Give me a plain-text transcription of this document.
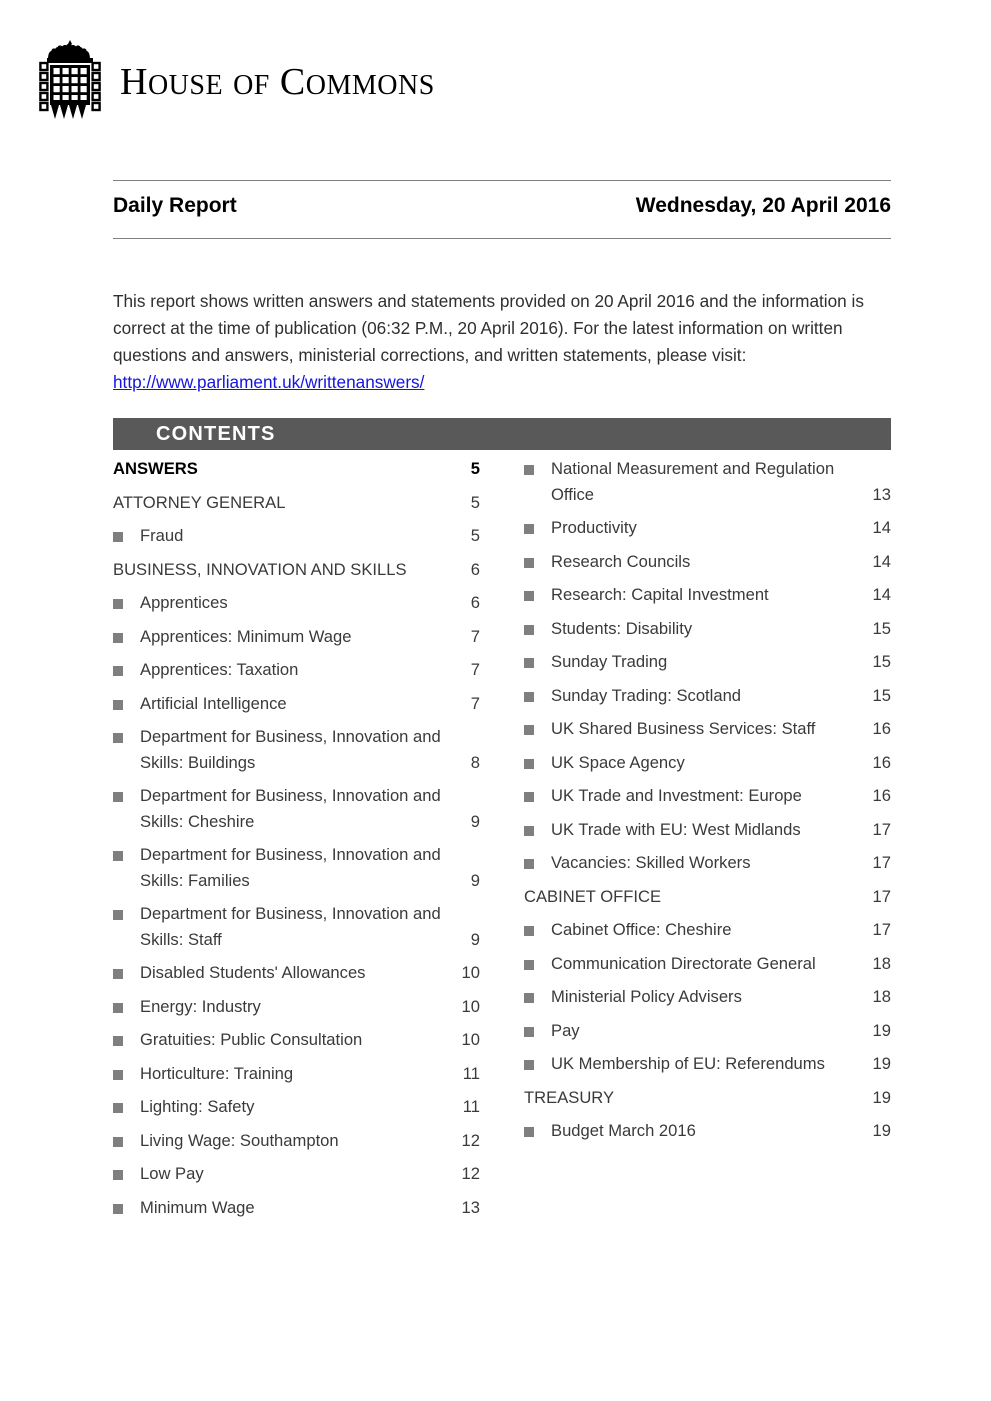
HOUSE OF COMMONS
Daily Report	Wednesday, 20 April 2016
This report shows written answers and statements provided on 20 April 2016 and the information is correct at the time of publication (06:32 P.M., 20 April 2016). For the latest information on written questions and answers, ministerial corrections, and written statements, please visit: http://www.parliament.uk/writtenanswers/
CONTENTS
ANSWERS	5
ATTORNEY GENERAL	5
Fraud	5
BUSINESS, INNOVATION AND SKILLS	6
Apprentices	6
Apprentices: Minimum Wage	7
Apprentices: Taxation	7
Artificial Intelligence	7
Department for Business, Innovation and Skills: Buildings	8
Department for Business, Innovation and Skills: Cheshire	9
Department for Business, Innovation and Skills: Families	9
Department for Business, Innovation and Skills: Staff	9
Disabled Students' Allowances	10
Energy: Industry	10
Gratuities: Public Consultation	10
Horticulture: Training	11
Lighting: Safety	11
Living Wage: Southampton	12
Low Pay	12
Minimum Wage	13
National Measurement and Regulation Office	13
Productivity	14
Research Councils	14
Research: Capital Investment	14
Students: Disability	15
Sunday Trading	15
Sunday Trading: Scotland	15
UK Shared Business Services: Staff	16
UK Space Agency	16
UK Trade and Investment: Europe	16
UK Trade with EU: West Midlands	17
Vacancies: Skilled Workers	17
CABINET OFFICE	17
Cabinet Office: Cheshire	17
Communication Directorate General	18
Ministerial Policy Advisers	18
Pay	19
UK Membership of EU: Referendums	19
TREASURY	19
Budget March 2016	19
